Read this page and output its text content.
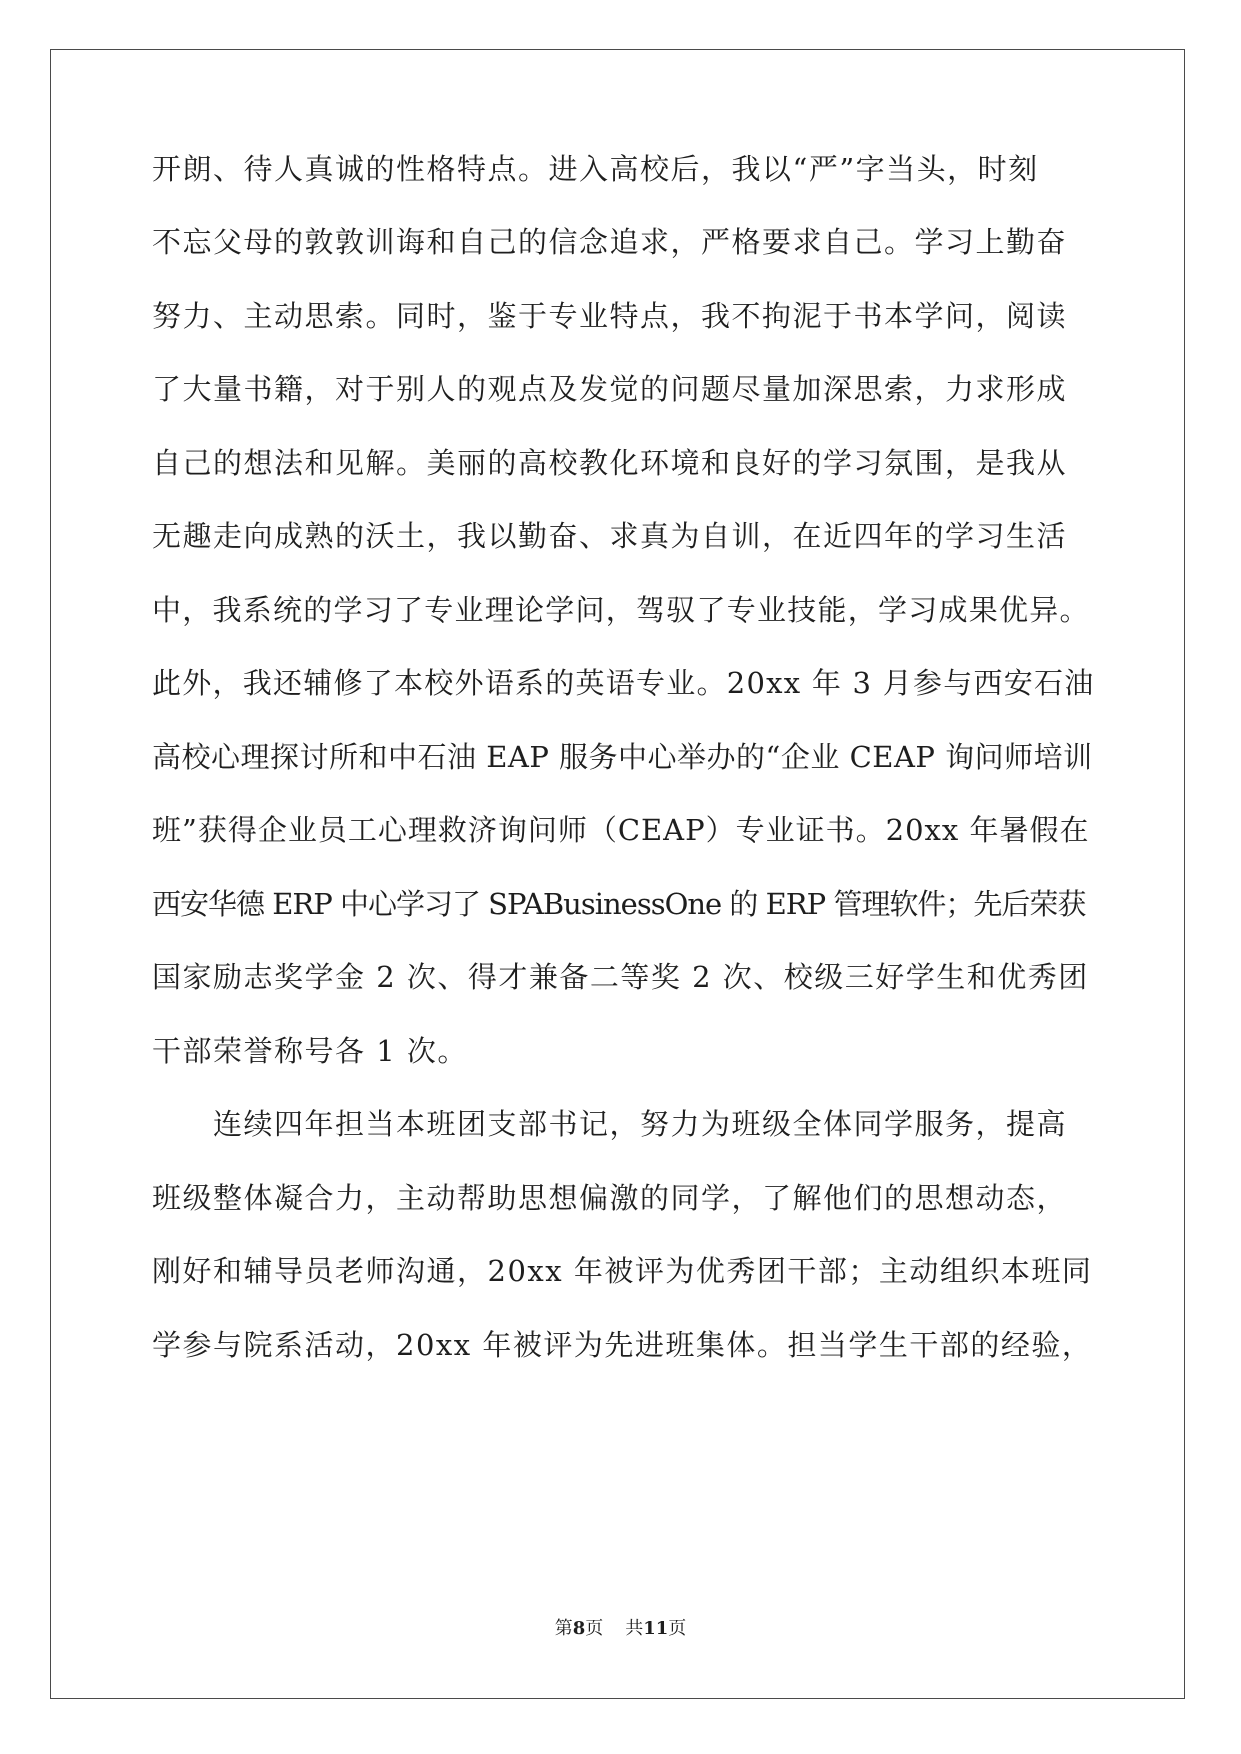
开朗、待人真诚的性格特点。进入高校后，我以“严”字当头，时刻
不忘父母的敦敦训诲和自己的信念追求，严格要求自己。学习上勤奋
努力、主动思索。同时，鉴于专业特点，我不拘泥于书本学问，阅读
了大量书籍，对于别人的观点及发觉的问题尽量加深思索，力求形成
自己的想法和见解。美丽的高校教化环境和良好的学习氛围，是我从
无趣走向成熟的沃土，我以勤奋、求真为自训，在近四年的学习生活
中，我系统的学习了专业理论学问，驾驭了专业技能，学习成果优异。
此外，我还辅修了本校外语系的英语专业。20xx 年 3 月参与西安石油
高校心理探讨所和中石油 EAP 服务中心举办的“企业 CEAP 询问师培训
班”获得企业员工心理救济询问师（CEAP）专业证书。20xx 年暑假在
西安华德 ERP 中心学习了 SPABusinessOne 的 ERP 管理软件；先后荣获
国家励志奖学金 2 次、得才兼备二等奖 2 次、校级三好学生和优秀团
干部荣誉称号各 1 次。
连续四年担当本班团支部书记，努力为班级全体同学服务，提高
班级整体凝合力，主动帮助思想偏激的同学，了解他们的思想动态，
刚好和辅导员老师沟通，20xx 年被评为优秀团干部；主动组织本班同
学参与院系活动，20xx 年被评为先进班集体。担当学生干部的经验，
第8页 共11页
